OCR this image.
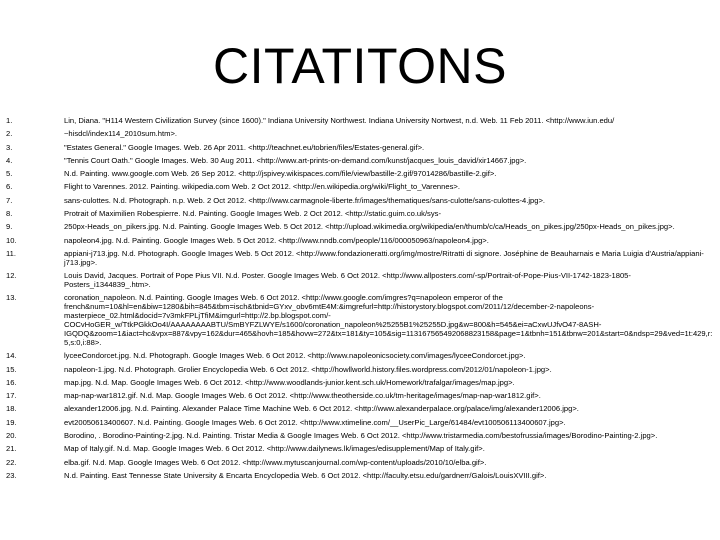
CITATITONS
1.	Lin, Diana. "H114 Western Civilization Survey (since 1600)." Indiana University Northwest. Indiana University Nortwest, n.d. Web. 11 Feb 2011. <http://www.iun.edu/
2.	~hisdcl/index114_2010sum.htm>.
3.	"Estates General." Google Images. Web. 26 Apr 2011. <http://teachnet.eu/tobrien/files/Estates-general.gif>.
4.	"Tennis Court Oath." Google Images. Web. 30 Aug 2011. <http://www.art-prints-on-demand.com/kunst/jacques_louis_david/xir14667.jpg>.
5.	N.d. Painting. www.google.com Web. 26 Sep 2012. <http://jspivey.wikispaces.com/file/view/bastille-2.gif/97014286/bastille-2.gif>.
6.	Flight to Varennes. 2012. Painting. wikipedia.com Web. 2 Oct 2012. <http://en.wikipedia.org/wiki/Flight_to_Varennes>.
7.	sans-culottes. N.d. Photograph. n.p. Web. 2 Oct 2012. <http://www.carmagnole-liberte.fr/images/thematiques/sans-culotte/sans-culottes-4.jpg>.
8.	Protrait of Maximilien Robespierre. N.d. Painting. Google Images Web. 2 Oct 2012. <http://static.guim.co.uk/sys-
9.	250px-Heads_on_pikers.jpg. N.d. Painting. Google Images Web. 5 Oct 2012. <http://upload.wikimedia.org/wikipedia/en/thumb/c/ca/Heads_on_pikes.jpg/250px-Heads_on_pikes.jpg>.
10.	napoleon4.jpg. N.d. Painting. Google Images Web. 5 Oct 2012. <http://www.nndb.com/people/116/000050963/napoleon4.jpg>.
11.	appiani-j713.jpg. N.d. Photograph. Google Images Web. 5 Oct 2012. <http://www.fondazioneratti.org/img/mostre/Ritratti di signore. Joséphine de Beauharnais e Maria Luigia d'Austria/appiani-j713.jpg>.
12.	Louis David, Jacques. Portrait of Pope Pius VII. N.d. Poster. Google Images Web. 6 Oct 2012. <http://www.allposters.com/-sp/Portrait-of-Pope-Pius-VII-1742-1823-1805-Posters_i1344839_.htm>.
13.	coronation_napoleon. N.d. Painting. Google Images Web. 6 Oct 2012. <http://www.google.com/imgres?q=napoleon emperor of the french&num=10&hl=en&biw=1280&bih=845&tbm=isch&tbnid=GYxv_obv6mtE4M:&imgrefurl=http://historystory.blogspot.com/2011/12/december-2-napoleons-masterpiece_02.html&docid=7v3mkFPLjTfiM&imgurl=http://2.bp.blogspot.com/-COCvHoGER_w/TtkPGkkOo4I/AAAAAAAABTU/SmBYFZLWYE/s1600/coronation_napoleon%25255B1%25255D.jpg&w=800&h=545&ei=aCxwUJfvO47-8ASH-IGQDQ&zoom=1&iact=hc&vpx=887&vpy=162&dur=465&hovh=185&hovw=272&tx=181&ty=105&sig=113167565492068823158&page=1&tbnh=151&tbnw=201&start=0&ndsp=29&ved=1t:429,r:5,s:0,i:88>.
14.	lyceeCondorcet.jpg. N.d. Photograph. Google Images Web. 6 Oct 2012. <http://www.napoleonicsociety.com/images/lyceeCondorcet.jpg>.
15.	napoleon-1.jpg. N.d. Photograph. Grolier Encyclopedia Web. 6 Oct 2012. <http://howllworld.history.files.wordpress.com/2012/01/napoleon-1.jpg>.
16.	map.jpg. N.d. Map. Google Images Web. 6 Oct 2012. <http://www.woodlands-junior.kent.sch.uk/Homework/trafalgar/images/map.jpg>.
17.	map-nap-war1812.gif. N.d. Map. Google Images Web. 6 Oct 2012. <http://www.theotherside.co.uk/tm-heritage/images/map-nap-war1812.gif>.
18.	alexander12006.jpg. N.d. Painting. Alexander Palace Time Machine Web. 6 Oct 2012. <http://www.alexanderpalace.org/palace/img/alexander12006.jpg>.
19.	evt20050613400607. N.d. Painting. Google Images Web. 6 Oct 2012. <http://www.xtimeline.com/__UserPic_Large/61484/evt100506113400607.jpg>.
20.	Borodino, . Borodino-Painting-2.jpg. N.d. Painting. Tristar Media & Google Images Web. 6 Oct 2012. <http://www.tristarmedia.com/bestofrussia/images/Borodino-Painting-2.jpg>.
21.	Map of Italy.gif. N.d. Map. Google Images Web. 6 Oct 2012. <http://www.dailynews.lk/images/edisupplement/Map of Italy.gif>.
22.	elba.gif. N.d. Map. Google Images Web. 6 Oct 2012. <http://www.mytuscanjournal.com/wp-content/uploads/2010/10/elba.gif>.
23.	N.d. Painting. East Tennesse State University & Encarta Encyclopedia Web. 6 Oct 2012. <http://faculty.etsu.edu/gardnerr/Galois/LouisXVIII.gif>.
